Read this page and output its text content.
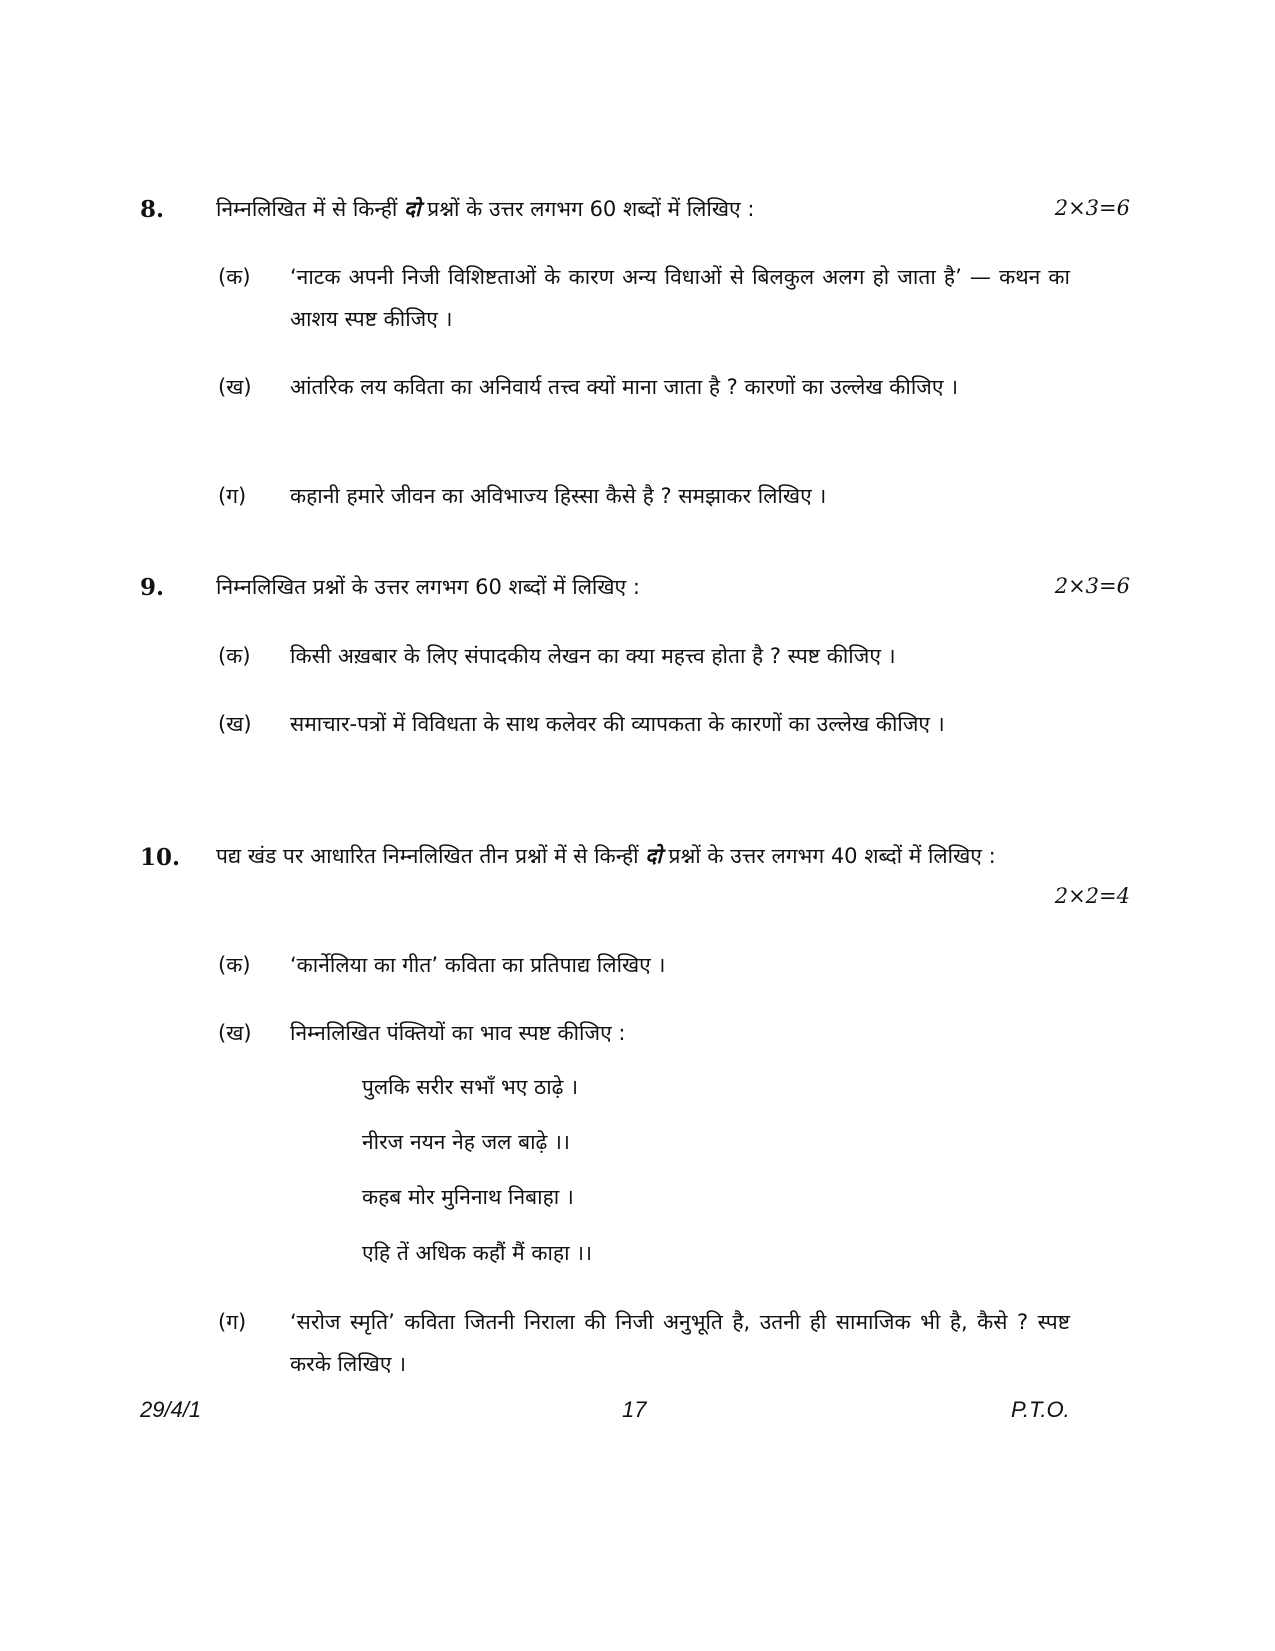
8. निम्नलिखित में से किन्हीं दो प्रश्नों के उत्तर लगभग 60 शब्दों में लिखिए :	2×3=6
(क) ‘नाटक अपनी निजी विशिष्टताओं के कारण अन्य विधाओं से बिलकुल अलग हो जाता है’ — कथन का आशय स्पष्ट कीजिए ।
(ख) आंतरिक लय कविता का अनिवार्य तत्त्व क्यों माना जाता है ? कारणों का उल्लेख कीजिए ।
(ग) कहानी हमारे जीवन का अविभाज्य हिस्सा कैसे है ? समझाकर लिखिए ।
9. निम्नलिखित प्रश्नों के उत्तर लगभग 60 शब्दों में लिखिए :	2×3=6
(क) किसी अख़बार के लिए संपादकीय लेखन का क्या महत्त्व होता है ? स्पष्ट कीजिए ।
(ख) समाचार-पत्रों में विविधता के साथ कलेवर की व्यापकता के कारणों का उल्लेख कीजिए ।
10. पद्य खंड पर आधारित निम्नलिखित तीन प्रश्नों में से किन्हीं दो प्रश्नों के उत्तर लगभग 40 शब्दों में लिखिए :
2×2=4
(क) ‘कार्नेलिया का गीत’ कविता का प्रतिपाद्य लिखिए ।
(ख) निम्नलिखित पंक्तियों का भाव स्पष्ट कीजिए :
पुलकि सरीर सभाँ भए ठाढ़े ।
नीरज नयन नेह जल बाढ़े ।।
कहब मोर मुनिनाथ निबाहा ।
एहि तें अधिक कहौं मैं काहा ।।
(ग) ‘सरोज स्मृति’ कविता जितनी निराला की निजी अनुभूति है, उतनी ही सामाजिक भी है, कैसे ? स्पष्ट करके लिखिए ।
29/4/1	17	P.T.O.
